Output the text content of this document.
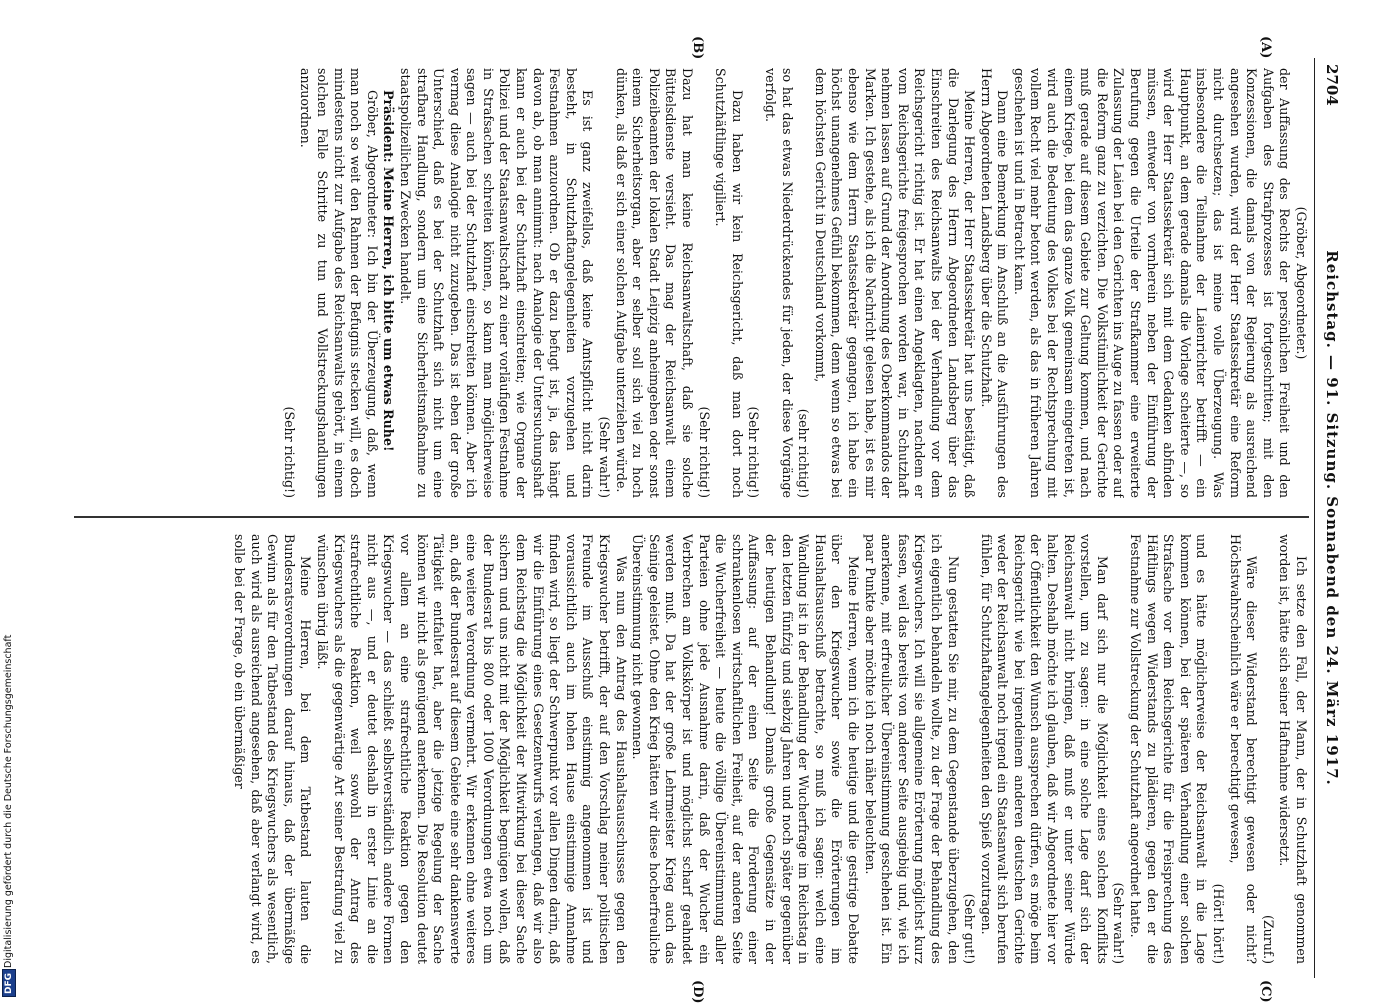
2704
Reichstag. — 91. Sitzung. Sonnabend den 24. März 1917.
(A)
(B)
(C)
(D)

(Gröber, Abgeordneter.)

der Auffassung des Rechts der persönlichen Freiheit und den Aufgaben des Strafprozesses ist fortgeschritten; mit den Konzessionen, die damals von der Regierung als ausreichend angesehen wurden, wird der Herr Staatssekretär eine Reform nicht durchsetzen; das ist meine volle Überzeugung. Was insbesondere die Teilnahme der Laienrichter betrifft — ein Hauptpunkt, an dem gerade damals die Vorlage scheiterte —, so wird der Herr Staatssekretär sich mit dem Gedanken abfinden müssen, entweder von vornherein neben der Einführung der Berufung gegen die Urteile der Strafkammer eine erweiterte Zulassung der Laien bei den Gerichten ins Auge zu fassen oder auf die Reform ganz zu verzichten. Die Volkstümlichkeit der Gerichte muß gerade auf diesem Gebiete zur Geltung kommen, und nach einem Kriege, bei dem das ganze Volk gemeinsam eingetreten ist, wird auch die Bedeutung des Volkes bei der Rechtsprechung mit vollem Recht viel mehr betont werden, als das in früheren Jahren geschehen ist und in Betracht kam.

Dann eine Bemerkung im Anschluß an die Ausführungen des Herrn Abgeordneten Landsberg über die Schutzhaft.

Meine Herren, der Herr Staatssekretär hat uns bestätigt, daß die Darlegung des Herrn Abgeordneten Landsberg über das Einschreiten des Reichsanwalts bei der Verhandlung vor dem Reichsgericht richtig ist. Er hat einen Angeklagten, nachdem er vom Reichsgerichte freigesprochen worden war, in Schutzhaft nehmen lassen auf Grund der Anordnung des Oberkommandos der Marken. Ich gestehe, als ich die Nachricht gelesen habe, ist es mir ebenso wie dem Herrn Staatssekretär gegangen, ich habe ein höchst unangenehmes Gefühl bekommen, denn wenn so etwas bei dem höchsten Gericht in Deutschland vorkommt,

(sehr richtig!)

so hat das etwas Niederdrückendes für jeden, der diese Vorgänge verfolgt.

(Sehr richtig!)

Dazu haben wir kein Reichsgericht, daß man dort noch Schutzhäftlinge vigiliert.

(Sehr richtig!)

Dazu hat man keine Reichsanwaltschaft, daß sie solche Büttelsdienste versieht. Das mag der Reichsanwalt einem Polizeibeamten der lokalen Stadt Leipzig anheimgeben oder sonst einem Sicherheitsorgan, aber er selber soll sich viel zu hoch dünken, als daß er sich einer solchen Aufgabe unterziehen würde.

(Sehr wahr!)

Es ist ganz zweifellos, daß keine Amtspflicht nicht darin besteht, in Schutzhaftangelegenheiten vorzugehen und Festnahmen anzuordnen. Ob er dazu befugt ist, ja, das hängt davon ab, ob man annimmt: nach Analogie der Untersuchungshaft kann er auch bei der Schutzhaft einschreiten; wie Organe der Polizei und der Staatsanwaltschaft zu einer vorläufigen Festnahme in Strafsachen schreiten können, so kann man möglicherweise sagen — auch bei der Schutzhaft einschreiten können. Aber ich vermag diese Analogie nicht zuzugeben. Das ist eben der große Unterschied, daß es bei der Schutzhaft sich nicht um eine strafbare Handlung, sondern um eine Sicherheitsmaßnahme zu staatspolizeilichen Zwecken handelt.

Präsident: Meine Herren, ich bitte um etwas Ruhe!

Gröber, Abgeordneter: Ich bin der Überzeugung, daß, wenn man noch so weit den Rahmen der Befugnis stecken will, es doch mindestens nicht zur Aufgabe des Reichsanwalts gehört, in einem solchen Falle Schritte zu tun und Vollstreckungshandlungen anzuordnen.

(Sehr richtig!)

Ich setze den Fall, der Mann, der in Schutzhaft genommen worden ist, hätte sich seiner Haftnahme widersetzt.

(Zuruf.)

Wäre dieser Widerstand berechtigt gewesen oder nicht? Höchstwahrscheinlich wäre er berechtigt gewesen,

(Hört! hört!)

und es hätte möglicherweise der Reichsanwalt in die Lage kommen können, bei der späteren Verhandlung einer solchen Strafsache vor dem Reichsgerichte für die Freisprechung des Häftlings wegen Widerstands zu plädieren, gegen den er die Festnahme zur Vollstreckung der Schutzhaft angeordnet hatte.

(Sehr wahr!)

Man darf sich nur die Möglichkeit eines solchen Konflikts vorstellen, um zu sagen: in eine solche Lage darf sich der Reichsanwalt nicht bringen, daß muß er unter seiner Würde halten. Deshalb möchte ich glauben, daß wir Abgeordnete hier vor der Öffentlichkeit den Wunsch aussprechen dürfen, es möge beim Reichsgericht wie bei irgendeinem anderen deutschen Gerichte weder der Reichsanwalt noch irgend ein Staatsanwalt sich berufen fühlen, für Schutzhaftangelegenheiten den Spieß vorzutragen.

(Sehr gut!)

Nun gestatten Sie mir, zu dem Gegenstande überzugehen, den ich eigentlich behandeln wollte, zu der Frage der Behandlung des Kriegswuchers. Ich will sie allgemeine Erörterung möglichst kurz fassen, weil das bereits von anderer Seite ausgiebig und, wie ich anerkenne, mit erfreulicher Übereinstimmung geschehen ist. Ein paar Punkte aber möchte ich noch näher beleuchten.

Meine Herren, wenn ich die heutige und die gestrige Debatte über den Kriegswucher sowie die Erörterungen im Haushaltsausschuß betrachte, so muß ich sagen: welch eine Wandlung ist in der Behandlung der Wucherfrage im Reichstag in den letzten fünfzig und siebzig Jahren und noch später gegenüber der heutigen Behandlung! Damals große Gegensätze in der Auffassung: auf der einen Seite die Forderung einer schrankenlosen wirtschaftlichen Freiheit, auf der anderen Seite die Wucherfreiheit — heute die völlige Übereinstimmung aller Parteien ohne jede Ausnahme darin, daß der Wucher ein Verbrechen am Volkskörper ist und möglichst scharf geahndet werden muß. Da hat der große Lehrmeister Krieg auch das Seinige geleistet. Ohne den Krieg hätten wir diese hocherfreuliche Übereinstimmung nicht gewonnen.

Was nun den Antrag des Haushaltsausschusses gegen den Kriegswucher betrifft, der auf den Vorschlag meiner politischen Freunde im Ausschuß einstimmig angenommen ist und voraussichtlich auch im hohen Hause einstimmige Annahme finden wird, so liegt der Schwerpunkt vor allen Dingen darin, daß wir die Einführung eines Gesetzentwurfs verlangen, daß wir also dem Reichstag die Möglichkeit der Mitwirkung bei dieser Sache sichern und uns nicht mit der Möglichkeit begnügen wollen, daß der Bundesrat bis 800 oder 1000 Verordnungen etwa noch um eine weitere Verordnung vermehrt. Wir erkennen ohne weiteres an, daß der Bundesrat auf diesem Gebiete eine sehr dankenswerte Tätigkeit entfaltet hat, aber die jetzige Regelung der Sache können wir nicht als genügend anerkennen. Die Resolution deutet vor allem an eine strafrechtliche Reaktion gegen den Kriegswucher — das schließt selbstverständlich andere Formen nicht aus —, und er deutet deshalb in erster Linie an die strafrechtliche Reaktion, weil sowohl der Antrag des Kriegswuchers als die gegenwärtige Art seiner Bestrafung viel zu wünschen übrig läßt.

Meine Herren, bei dem Tatbestand lauten die Bundesratsverordnungen darauf hinaus, daß der übermäßige Gewinn als für den Tatbestand des Kriegswuchers als wesentlich, auch wird als ausreichend angesehen, daß aber verlangt wird, es solle bei der Frage, ob ein übermäßiger

Digitalisierung gefördert durch die Deutsche Forschungsgemeinschaft
DFG
